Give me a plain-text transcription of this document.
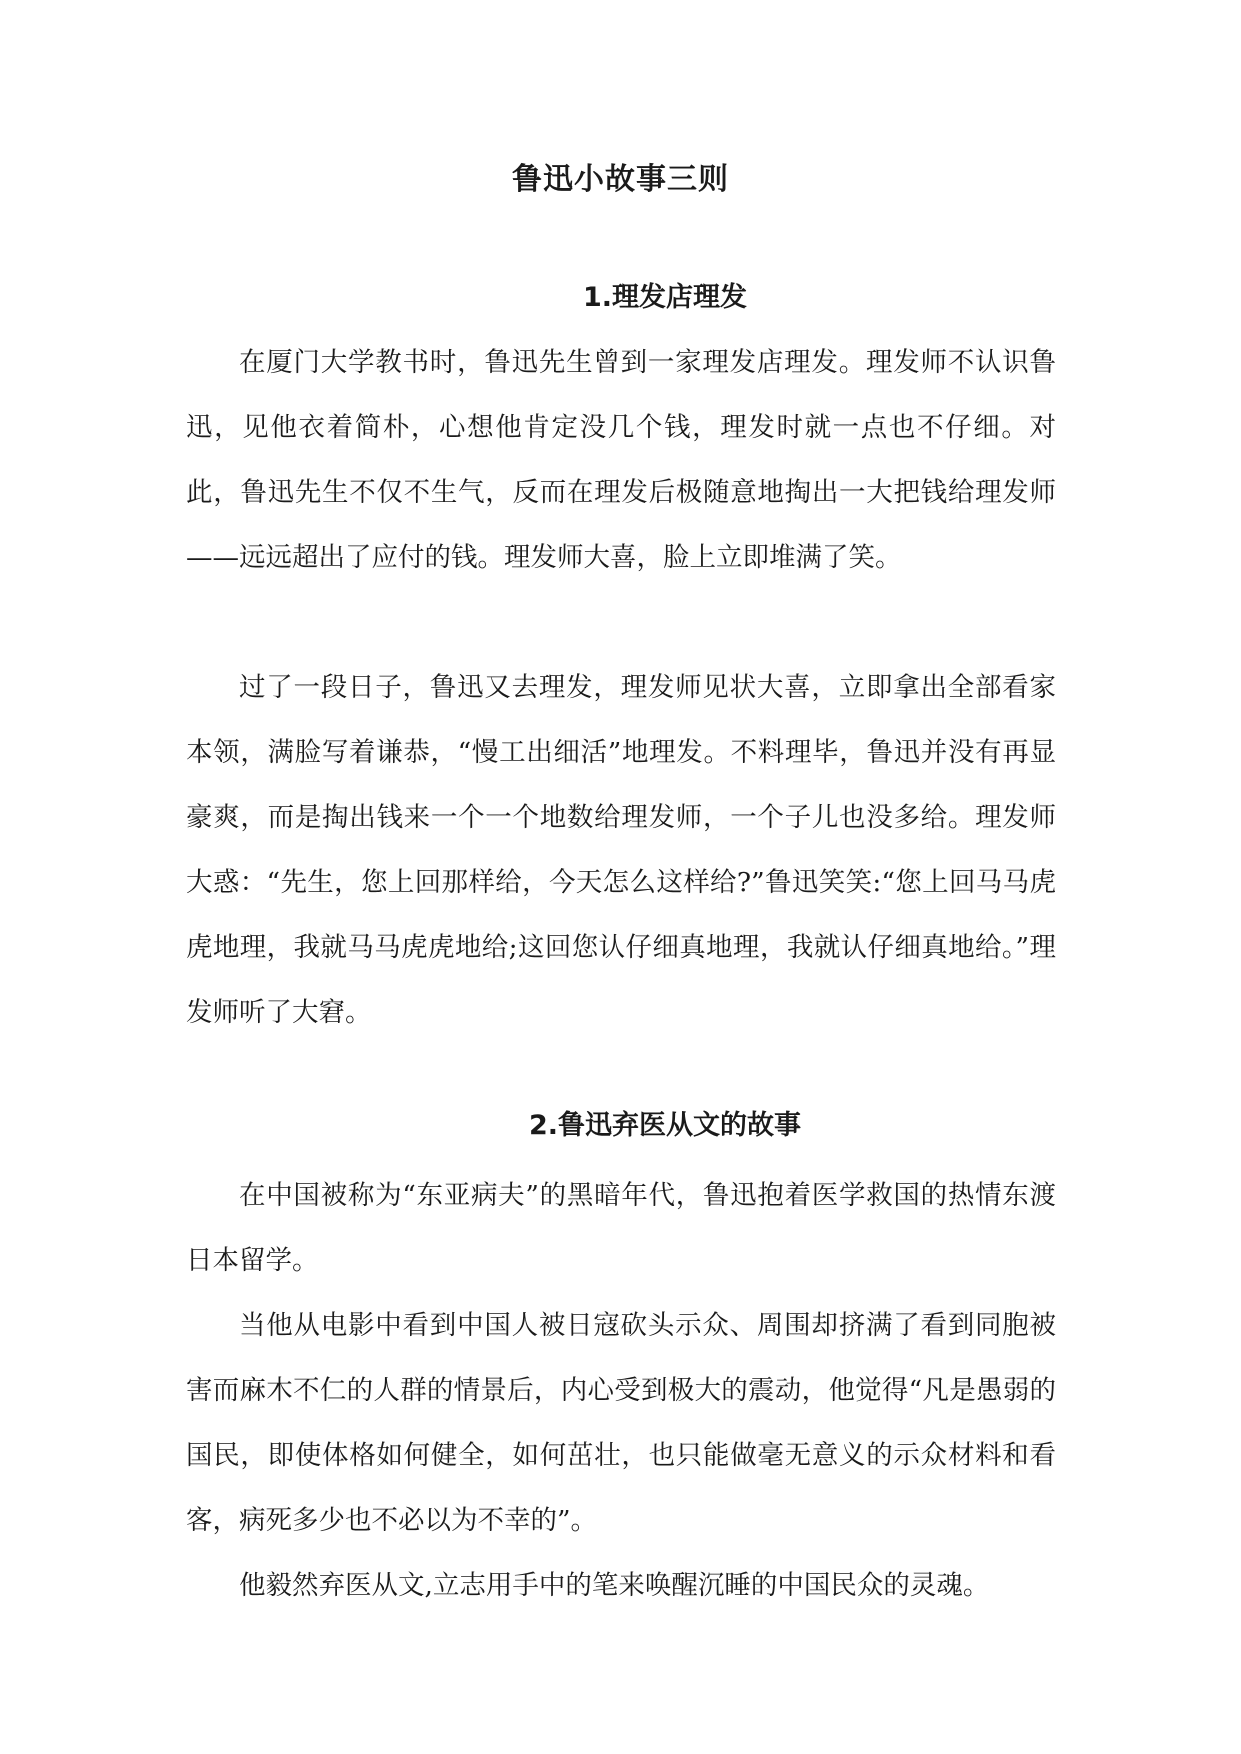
鲁迅小故事三则
1.理发店理发

在厦门大学教书时，鲁迅先生曾到一家理发店理发。理发师不认识鲁迅，见他衣着简朴，心想他肯定没几个钱，理发时就一点也不仔细。对此，鲁迅先生不仅不生气，反而在理发后极随意地掏出一大把钱给理发师——远远超出了应付的钱。理发师大喜，脸上立即堆满了笑。

过了一段日子，鲁迅又去理发，理发师见状大喜，立即拿出全部看家本领，满脸写着谦恭，“慢工出细活”地理发。不料理毕，鲁迅并没有再显豪爽，而是掏出钱来一个一个地数给理发师，一个子儿也没多给。理发师大惑：“先生，您上回那样给，今天怎么这样给?”鲁迅笑笑:“您上回马马虎虎地理，我就马马虎虎地给;这回您认仔细真地理，我就认仔细真地给。”理发师听了大窘。

2.鲁迅弃医从文的故事

在中国被称为“东亚病夫”的黑暗年代，鲁迅抱着医学救国的热情东渡日本留学。

当他从电影中看到中国人被日寇砍头示众、周围却挤满了看到同胞被害而麻木不仁的人群的情景后，内心受到极大的震动，他觉得“凡是愚弱的国民，即使体格如何健全，如何茁壮，也只能做毫无意义的示众材料和看客，病死多少也不必以为不幸的”。

他毅然弃医从文,立志用手中的笔来唤醒沉睡的中国民众的灵魂。
